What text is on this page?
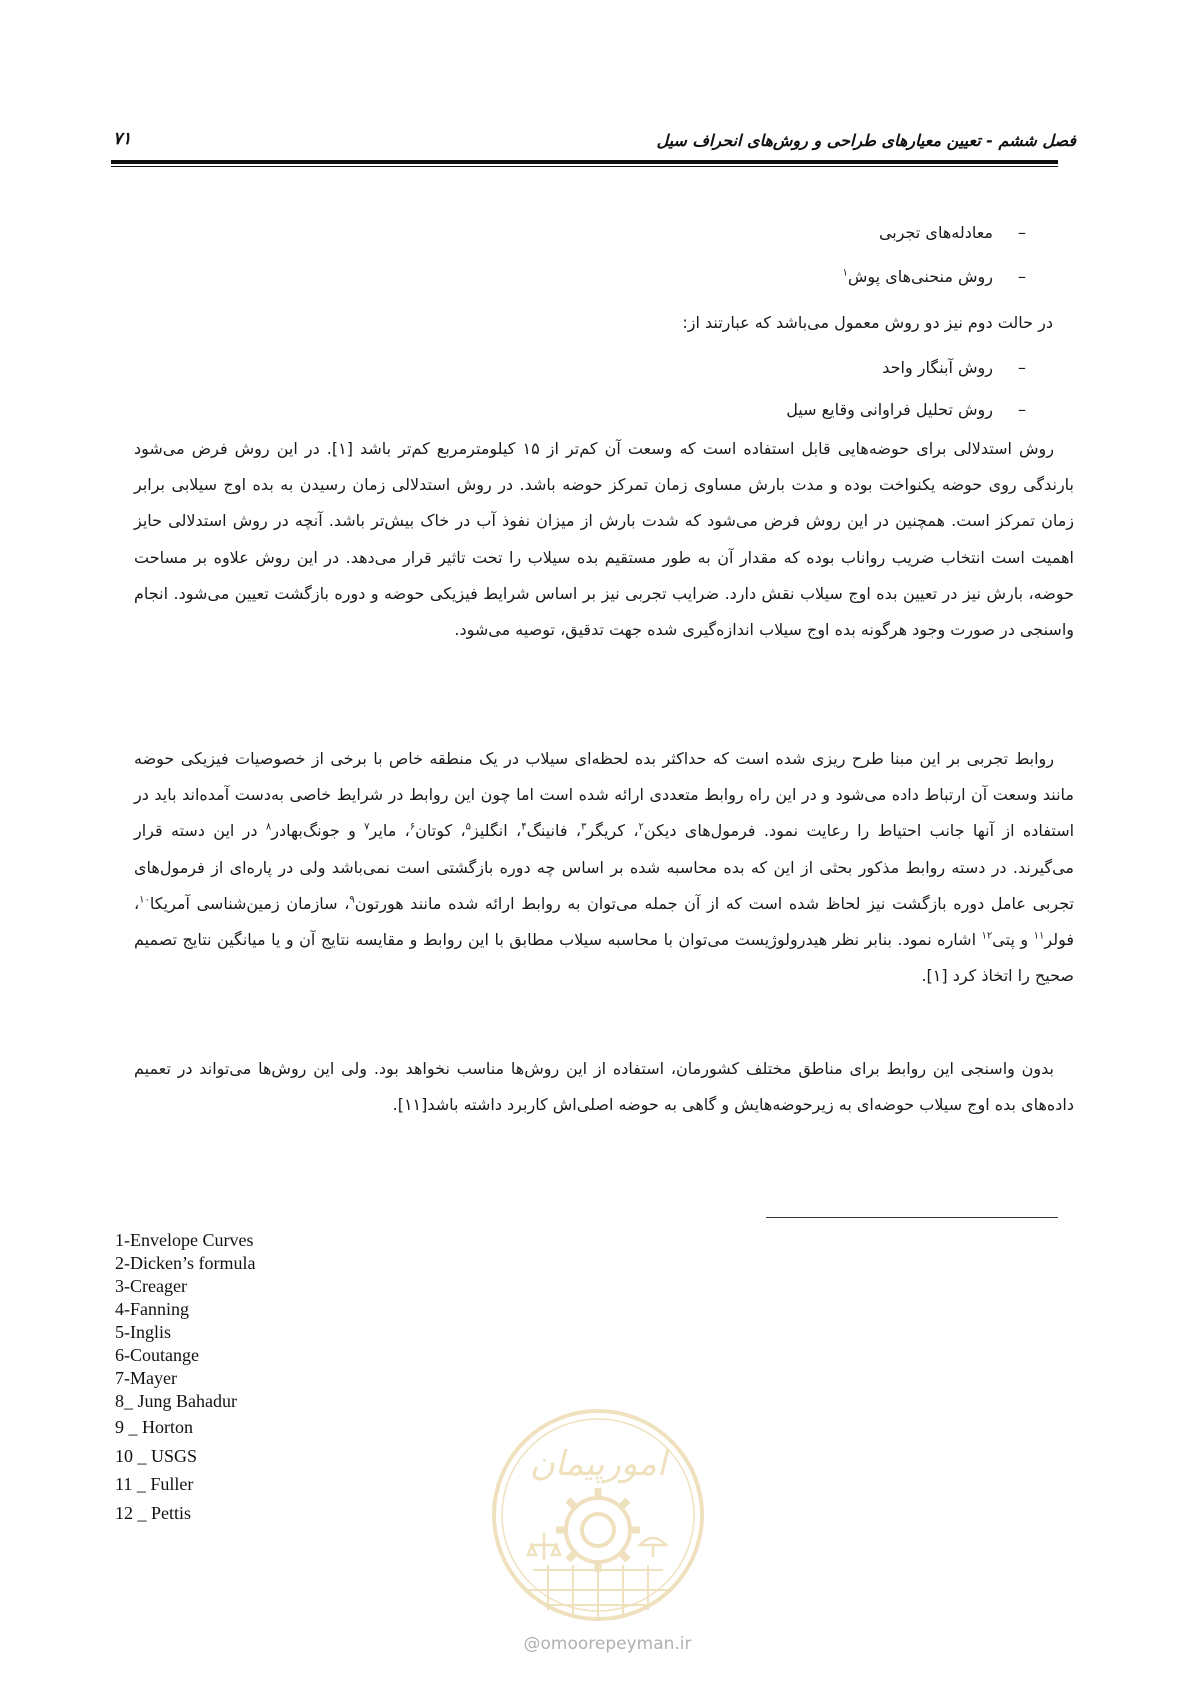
فصل ششم - تعیین معیارهای طراحی و روش‌های انحراف سیل
۷۱
–معادله‌های تجربی
–روش منحنی‌های پوش$^۱$
در حالت دوم نیز دو روش معمول می‌باشد که عبارتند از:
–روش آبنگار واحد
–روش تحلیل فراوانی وقایع سیل

روش استدلالی برای حوضه‌هایی قابل استفاده است که وسعت آن کم‌تر از ۱۵ کیلومترمربع کم‌تر باشد [۱]. در این روش فرض می‌شود بارندگی روی حوضه یکنواخت بوده و مدت بارش مساوی زمان تمرکز حوضه باشد. در روش استدلالی زمان رسیدن به بده اوج سیلابی برابر زمان تمرکز است. همچنین در این روش فرض می‌شود که شدت بارش از میزان نفوذ آب در خاک بیش‌تر باشد. آنچه در روش استدلالی حایز اهمیت است انتخاب ضریب رواناب بوده که مقدار آن به طور مستقیم بده سیلاب را تحت تاثیر قرار می‌دهد. در این روش علاوه بر مساحت حوضه، بارش نیز در تعیین بده اوج سیلاب نقش دارد. ضرایب تجربی نیز بر اساس شرایط فیزیکی حوضه و دوره بازگشت تعیین می‌شود. انجام واسنجی در صورت وجود هرگونه بده اوج سیلاب اندازه‌گیری شده جهت تدقیق، توصیه می‌شود.

روابط تجربی بر این مبنا طرح ریزی شده است که حداکثر بده لحظه‌ای سیلاب در یک منطقه خاص با برخی از خصوصیات فیزیکی حوضه مانند وسعت آن ارتباط داده می‌شود و در این راه روابط متعددی ارائه شده است اما چون این روابط در شرایط خاصی به‌دست آمده‌اند باید در استفاده از آنها جانب احتیاط را رعایت نمود. فرمول‌های دیکن$^۲$، کریگر$^۳$، فانینگ$^۴$، انگلیز$^۵$، کوتان$^۶$، مایر$^۷$ و جونگ‌بهادر$^۸$ در این دسته قرار می‌گیرند. در دسته روابط مذکور بحثی از این که بده محاسبه شده بر اساس چه دوره بازگشتی است نمی‌باشد ولی در پاره‌ای از فرمول‌های تجربی عامل دوره بازگشت نیز لحاظ شده است که از آن جمله می‌توان به روابط ارائه شده مانند هورتون$^۹$، سازمان زمین‌شناسی آمریکا$^{۱۰}$، فولر$^{۱۱}$ و پتی$^{۱۲}$ اشاره نمود. بنابر نظر هیدرولوژیست می‌توان با محاسبه سیلاب مطابق با این روابط و مقایسه نتایج آن و یا میانگین نتایج تصمیم صحیح را اتخاذ کرد [۱].

بدون واسنجی این روابط برای مناطق مختلف کشورمان، استفاده از این روش‌ها مناسب نخواهد بود. ولی این روش‌ها می‌تواند در تعمیم داده‌های بده اوج سیلاب حوضه‌ای به زیرحوضه‌هایش و گاهی به حوضه اصلی‌اش کاربرد داشته باشد[۱۱].

1-Envelope Curves
2-Dicken’s formula
3-Creager
4-Fanning
5-Inglis
6-Coutange
7-Mayer
8_ Jung Bahadur
9 _ Horton
10 _ USGS
11 _ Fuller
12 _ Pettis
امورپیمان
@omoorepeyman.ir
